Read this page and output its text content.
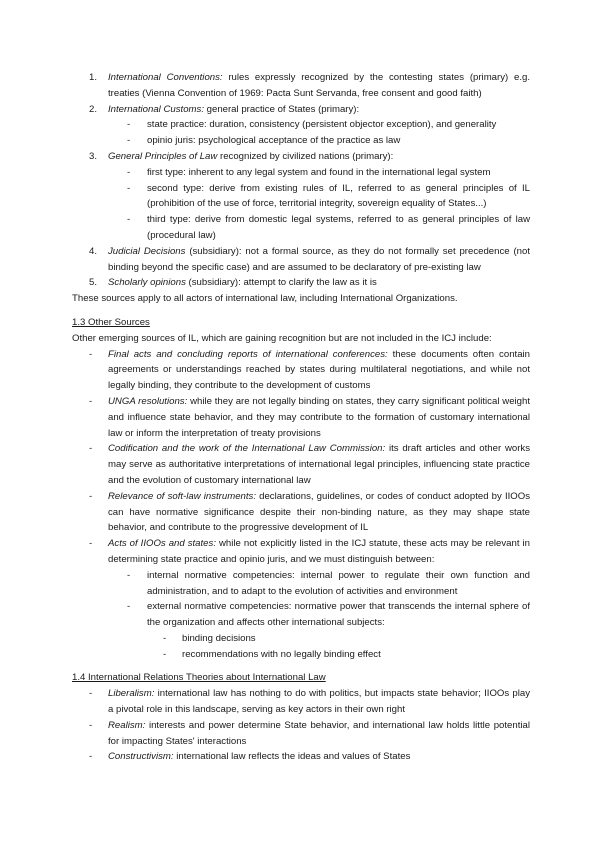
1.	International Conventions: rules expressly recognized by the contesting states (primary) e.g. treaties (Vienna Convention of 1969: Pacta Sunt Servanda, free consent and good faith)
2.	International Customs: general practice of States (primary):
-	state practice: duration, consistency (persistent objector exception), and generality
-	opinio juris: psychological acceptance of the practice as law
3.	General Principles of Law recognized by civilized nations (primary):
-	first type: inherent to any legal system and found in the international legal system
-	second type: derive from existing rules of IL, referred to as general principles of IL (prohibition of the use of force, territorial integrity, sovereign equality of States...)
-	third type: derive from domestic legal systems, referred to as general principles of law (procedural law)
4.	Judicial Decisions (subsidiary): not a formal source, as they do not formally set precedence (not binding beyond the specific case) and are assumed to be declaratory of pre-existing law
5.	Scholarly opinions (subsidiary): attempt to clarify the law as it is
These sources apply to all actors of international law, including International Organizations.
1.3 Other Sources
Other emerging sources of IL, which are gaining recognition but are not included in the ICJ include:
-	Final acts and concluding reports of international conferences: these documents often contain agreements or understandings reached by states during multilateral negotiations, and while not legally binding, they contribute to the development of customs
-	UNGA resolutions: while they are not legally binding on states, they carry significant political weight and influence state behavior, and they may contribute to the formation of customary international law or inform the interpretation of treaty provisions
-	Codification and the work of the International Law Commission: its draft articles and other works may serve as authoritative interpretations of international legal principles, influencing state practice and the evolution of customary international law
-	Relevance of soft-law instruments: declarations, guidelines, or codes of conduct adopted by IIOOs can have normative significance despite their non-binding nature, as they may shape state behavior, and contribute to the progressive development of IL
-	Acts of IIOOs and states: while not explicitly listed in the ICJ statute, these acts may be relevant in determining state practice and opinio juris, and we must distinguish between:
-	internal normative competencies: internal power to regulate their own function and administration, and to adapt to the evolution of activities and environment
-	external normative competencies: normative power that transcends the internal sphere of the organization and affects other international subjects:
-	binding decisions
-	recommendations with no legally binding effect
1.4 International Relations Theories about International Law
-	Liberalism: international law has nothing to do with politics, but impacts state behavior; IIOOs play a pivotal role in this landscape, serving as key actors in their own right
-	Realism: interests and power determine State behavior, and international law holds little potential for impacting States' interactions
-	Constructivism: international law reflects the ideas and values of States
